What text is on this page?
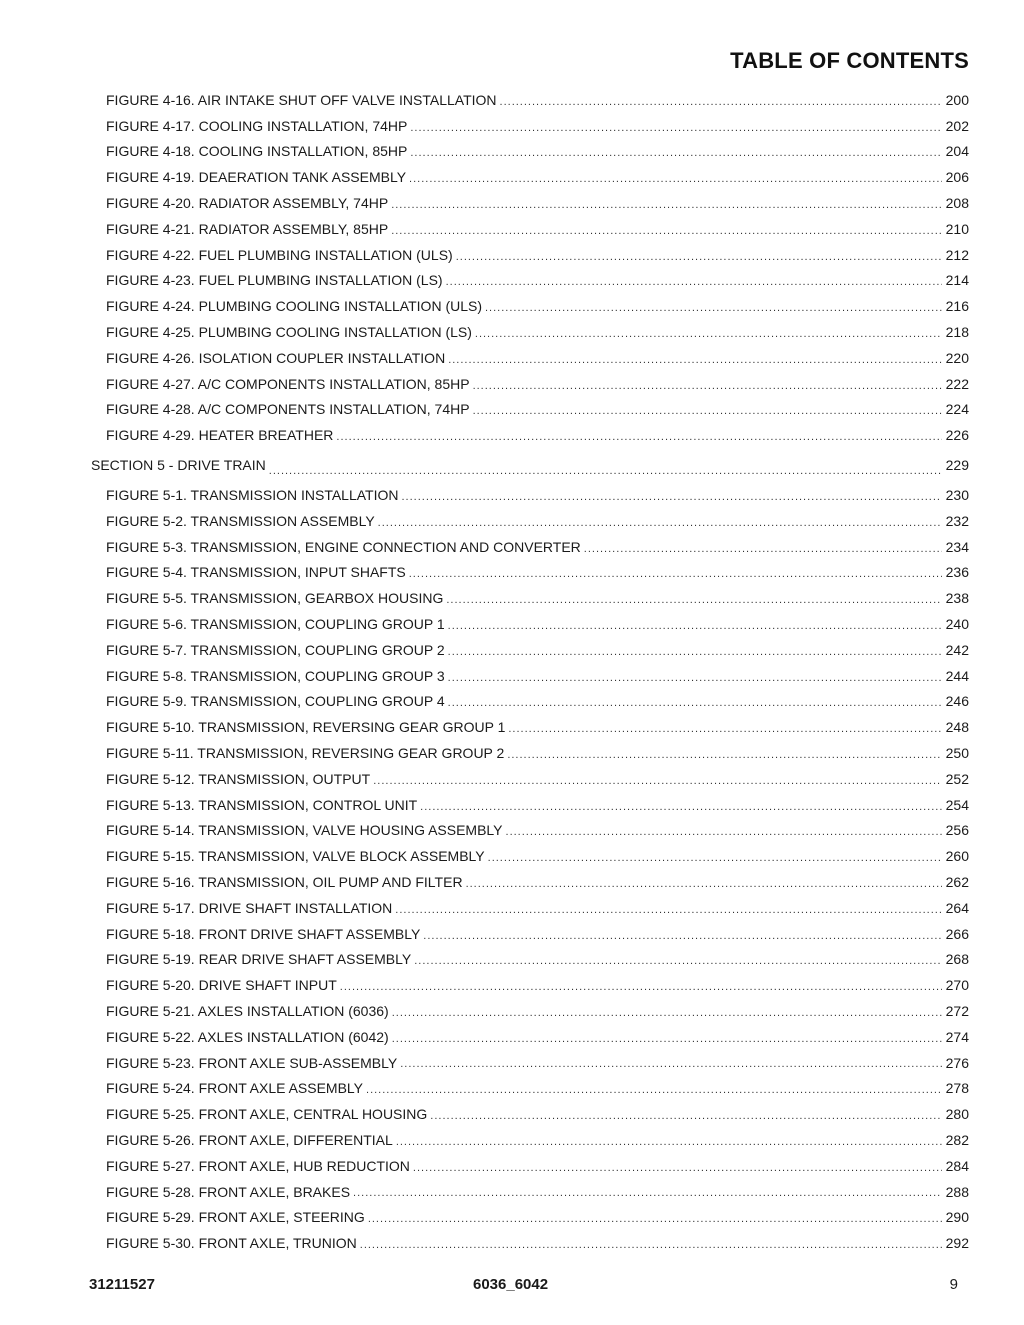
TABLE OF CONTENTS
FIGURE 4-16. AIR INTAKE SHUT OFF VALVE INSTALLATION .....	200
FIGURE 4-17. COOLING INSTALLATION, 74HP .....	202
FIGURE 4-18. COOLING INSTALLATION, 85HP .....	204
FIGURE 4-19. DEAERATION TANK ASSEMBLY .....	206
FIGURE 4-20. RADIATOR ASSEMBLY, 74HP .....	208
FIGURE 4-21. RADIATOR ASSEMBLY, 85HP .....	210
FIGURE 4-22. FUEL PLUMBING INSTALLATION (ULS) .....	212
FIGURE 4-23. FUEL PLUMBING INSTALLATION (LS) .....	214
FIGURE 4-24. PLUMBING COOLING INSTALLATION (ULS) .....	216
FIGURE 4-25. PLUMBING COOLING INSTALLATION (LS) .....	218
FIGURE 4-26. ISOLATION COUPLER INSTALLATION .....	220
FIGURE 4-27. A/C COMPONENTS INSTALLATION, 85HP .....	222
FIGURE 4-28. A/C COMPONENTS INSTALLATION, 74HP .....	224
FIGURE 4-29. HEATER BREATHER .....	226
SECTION 5 - DRIVE TRAIN .....	229
FIGURE 5-1. TRANSMISSION INSTALLATION .....	230
FIGURE 5-2. TRANSMISSION ASSEMBLY .....	232
FIGURE 5-3. TRANSMISSION, ENGINE CONNECTION AND CONVERTER .....	234
FIGURE 5-4. TRANSMISSION, INPUT SHAFTS .....	236
FIGURE 5-5. TRANSMISSION, GEARBOX HOUSING .....	238
FIGURE 5-6. TRANSMISSION, COUPLING GROUP 1 .....	240
FIGURE 5-7. TRANSMISSION, COUPLING GROUP 2 .....	242
FIGURE 5-8. TRANSMISSION, COUPLING GROUP 3 .....	244
FIGURE 5-9. TRANSMISSION, COUPLING GROUP 4 .....	246
FIGURE 5-10. TRANSMISSION, REVERSING GEAR GROUP 1 .....	248
FIGURE 5-11. TRANSMISSION, REVERSING GEAR GROUP 2 .....	250
FIGURE 5-12. TRANSMISSION, OUTPUT .....	252
FIGURE 5-13. TRANSMISSION, CONTROL UNIT .....	254
FIGURE 5-14. TRANSMISSION, VALVE HOUSING ASSEMBLY .....	256
FIGURE 5-15. TRANSMISSION, VALVE BLOCK ASSEMBLY .....	260
FIGURE 5-16. TRANSMISSION, OIL PUMP AND FILTER .....	262
FIGURE 5-17. DRIVE SHAFT INSTALLATION .....	264
FIGURE 5-18. FRONT DRIVE SHAFT ASSEMBLY .....	266
FIGURE 5-19. REAR DRIVE SHAFT ASSEMBLY .....	268
FIGURE 5-20. DRIVE SHAFT INPUT .....	270
FIGURE 5-21. AXLES INSTALLATION (6036) .....	272
FIGURE 5-22. AXLES INSTALLATION (6042) .....	274
FIGURE 5-23. FRONT AXLE SUB-ASSEMBLY .....	276
FIGURE 5-24. FRONT AXLE ASSEMBLY .....	278
FIGURE 5-25. FRONT AXLE, CENTRAL HOUSING .....	280
FIGURE 5-26. FRONT AXLE, DIFFERENTIAL .....	282
FIGURE 5-27. FRONT AXLE, HUB REDUCTION .....	284
FIGURE 5-28. FRONT AXLE, BRAKES .....	288
FIGURE 5-29. FRONT AXLE, STEERING .....	290
FIGURE 5-30. FRONT AXLE, TRUNION .....	292
31211527	6036_6042	9
